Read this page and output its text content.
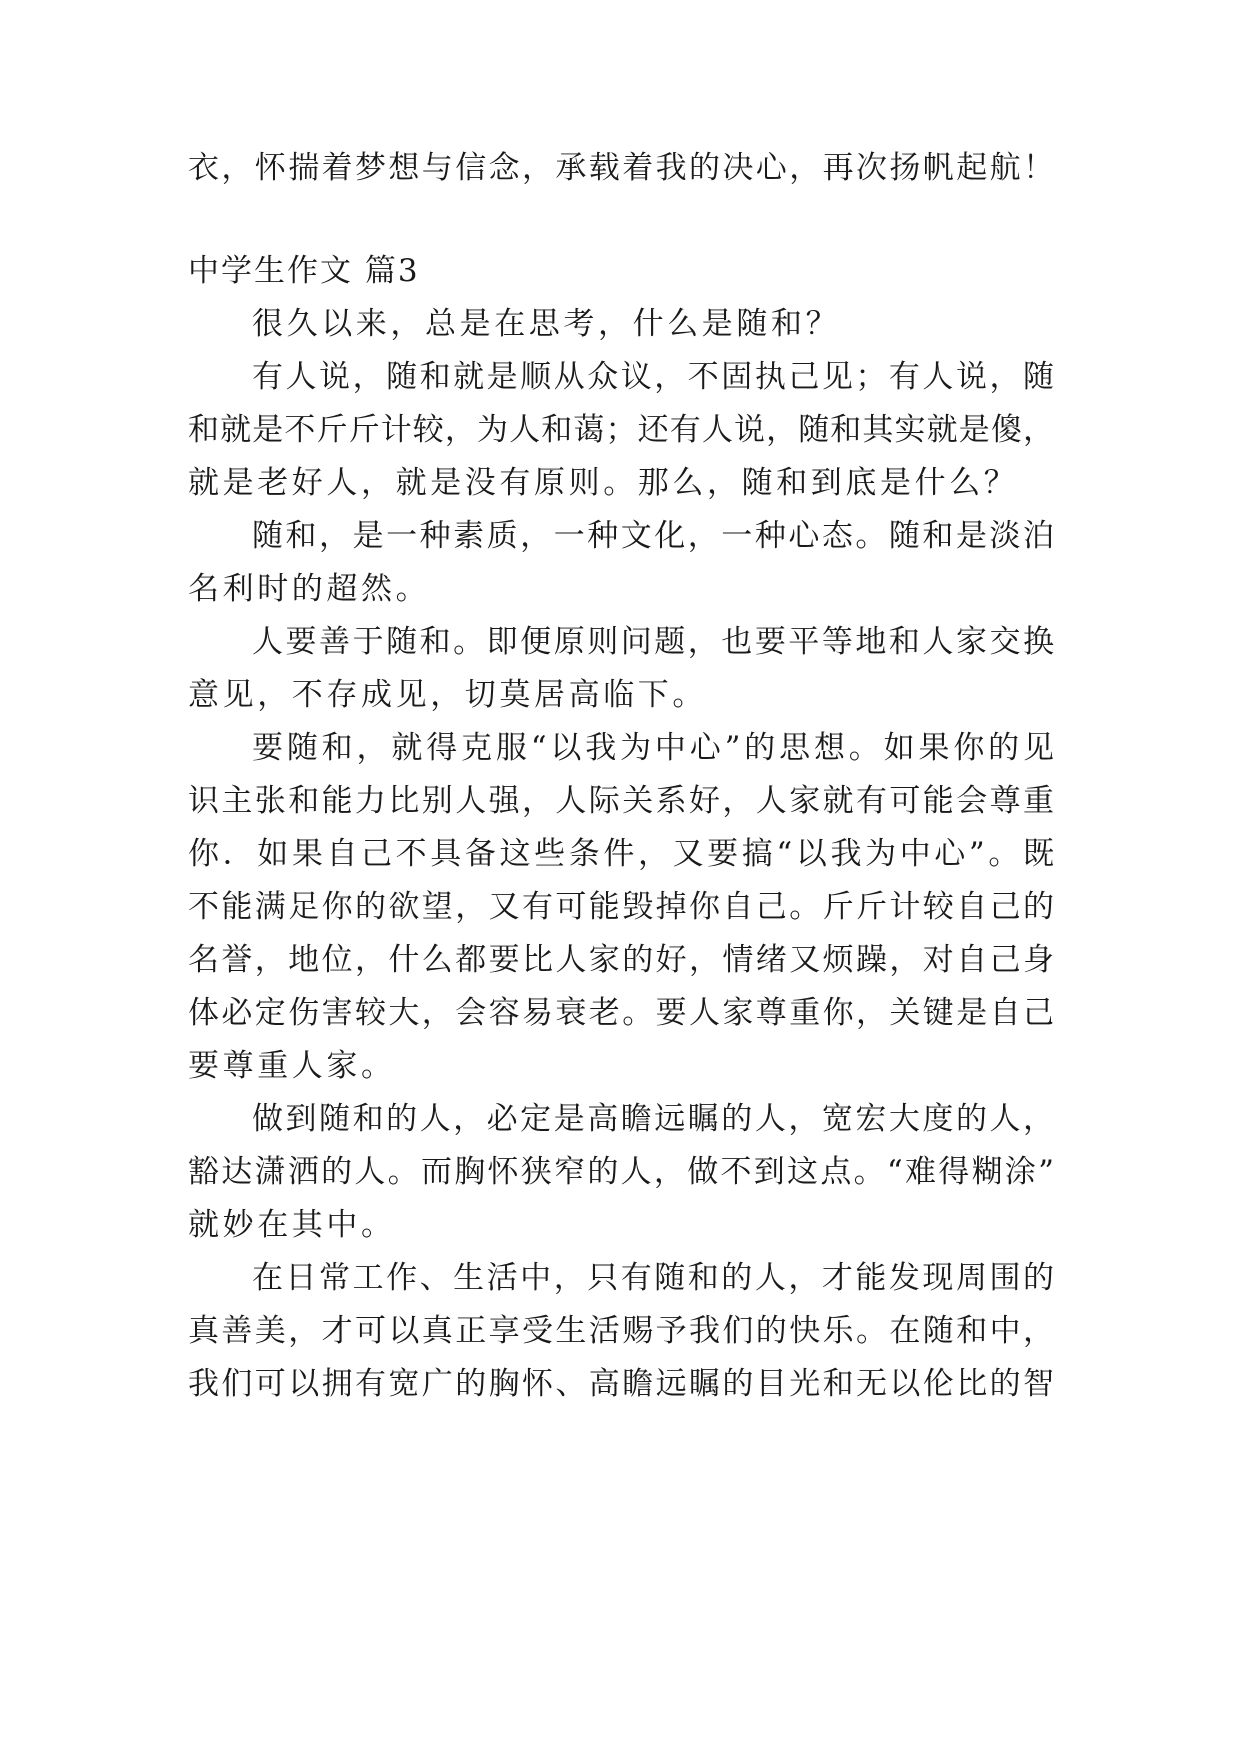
衣，怀揣着梦想与信念，承载着我的决心，再次扬帆起航！
中学生作文 篇3
很久以来，总是在思考，什么是随和？
有人说，随和就是顺从众议，不固执己见；有人说，随
和就是不斤斤计较，为人和蔼；还有人说，随和其实就是傻，
就是老好人，就是没有原则。那么，随和到底是什么？
随和，是一种素质，一种文化，一种心态。随和是淡泊
名利时的超然。
人要善于随和。即便原则问题，也要平等地和人家交换
意见，不存成见，切莫居高临下。
要随和，就得克服“以我为中心”的思想。如果你的见
识主张和能力比别人强，人际关系好，人家就有可能会尊重
你．如果自己不具备这些条件，又要搞“以我为中心”。既
不能满足你的欲望，又有可能毁掉你自己。斤斤计较自己的
名誉，地位，什么都要比人家的好，情绪又烦躁，对自己身
体必定伤害较大，会容易衰老。要人家尊重你，关键是自己
要尊重人家。
做到随和的人，必定是高瞻远瞩的人，宽宏大度的人，
豁达潇洒的人。而胸怀狭窄的人，做不到这点。“难得糊涂”
就妙在其中。
在日常工作、生活中，只有随和的人，才能发现周围的
真善美，才可以真正享受生活赐予我们的快乐。在随和中，
我们可以拥有宽广的胸怀、高瞻远瞩的目光和无以伦比的智
